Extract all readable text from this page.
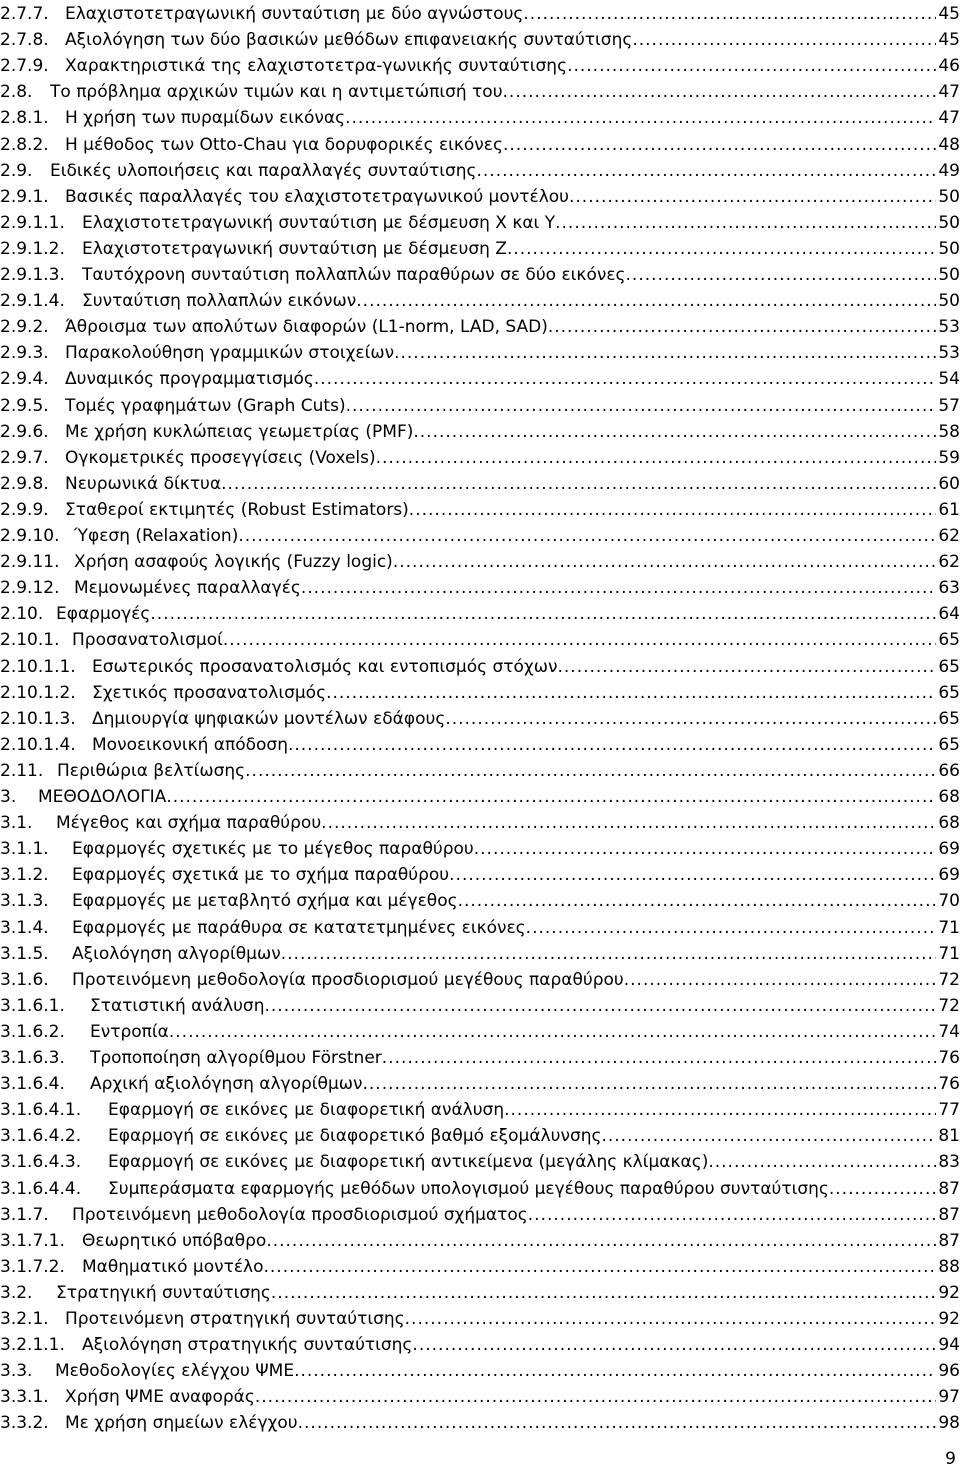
2.7.7. Ελαχιστοτετραγωνική συνταύτιση με δύο αγνώστους .....	45
2.7.8. Αξιολόγηση των δύο βασικών μεθόδων επιφανειακής συνταύτισης .....	45
2.7.9. Χαρακτηριστικά της ελαχιστοτετρα-γωνικής συνταύτισης .....	46
2.8. Το πρόβλημα αρχικών τιμών και η αντιμετώπισή του .....	47
2.8.1. Η χρήση των πυραμίδων εικόνας .....	47
2.8.2. Η μέθοδος των Otto-Chau για δορυφορικές εικόνες .....	48
2.9. Ειδικές υλοποιήσεις και παραλλαγές συνταύτισης .....	49
2.9.1. Βασικές παραλλαγές του ελαχιστοτετραγωνικού μοντέλου .....	50
2.9.1.1. Ελαχιστοτετραγωνική συνταύτιση με δέσμευση X και Y .....	50
2.9.1.2. Ελαχιστοτετραγωνική συνταύτιση με δέσμευση Z .....	50
2.9.1.3. Ταυτόχρονη συνταύτιση πολλαπλών παραθύρων σε δύο εικόνες .....	50
2.9.1.4. Συνταύτιση πολλαπλών εικόνων .....	50
2.9.2. Άθροισμα των απολύτων διαφορών (L1-norm, LAD, SAD) .....	53
2.9.3. Παρακολούθηση γραμμικών στοιχείων .....	53
2.9.4. Δυναμικός προγραμματισμός .....	54
2.9.5. Τομές γραφημάτων (Graph Cuts) .....	57
2.9.6. Με χρήση κυκλώπειας γεωμετρίας (PMF) .....	58
2.9.7. Ογκομετρικές προσεγγίσεις (Voxels) .....	59
2.9.8. Νευρωνικά δίκτυα .....	60
2.9.9. Σταθεροί εκτιμητές (Robust Estimators) .....	61
2.9.10. Ύφεση (Relaxation) .....	62
2.9.11. Χρήση ασαφούς λογικής (Fuzzy logic) .....	62
2.9.12. Μεμονωμένες παραλλαγές .....	63
2.10. Εφαρμογές .....	64
2.10.1. Προσανατολισμοί .....	65
2.10.1.1. Εσωτερικός προσανατολισμός και εντοπισμός στόχων .....	65
2.10.1.2. Σχετικός προσανατολισμός .....	65
2.10.1.3. Δημιουργία ψηφιακών μοντέλων εδάφους .....	65
2.10.1.4. Μονοεικονική απόδοση .....	65
2.11. Περιθώρια βελτίωσης .....	66
3. ΜΕΘΟΔΟΛΟΓΙΑ .....	68
3.1. Μέγεθος και σχήμα παραθύρου .....	68
3.1.1. Εφαρμογές σχετικές με το μέγεθος παραθύρου .....	69
3.1.2. Εφαρμογές σχετικά με το σχήμα παραθύρου .....	69
3.1.3. Εφαρμογές με μεταβλητό σχήμα και μέγεθος .....	70
3.1.4. Εφαρμογές με παράθυρα σε κατατετμημένες εικόνες .....	71
3.1.5. Αξιολόγηση αλγορίθμων .....	71
3.1.6. Προτεινόμενη μεθοδολογία προσδιορισμού μεγέθους παραθύρου .....	72
3.1.6.1. Στατιστική ανάλυση .....	72
3.1.6.2. Εντροπία .....	74
3.1.6.3. Τροποποίηση αλγορίθμου Förstner .....	76
3.1.6.4. Αρχική αξιολόγηση αλγορίθμων .....	76
3.1.6.4.1. Εφαρμογή σε εικόνες με διαφορετική ανάλυση .....	77
3.1.6.4.2. Εφαρμογή σε εικόνες με διαφορετικό βαθμό εξομάλυνσης .....	81
3.1.6.4.3. Εφαρμογή σε εικόνες με διαφορετική αντικείμενα (μεγάλης κλίμακας) .....	83
3.1.6.4.4. Συμπεράσματα εφαρμογής μεθόδων υπολογισμού μεγέθους παραθύρου συνταύτισης .....	87
3.1.7. Προτεινόμενη μεθοδολογία προσδιορισμού σχήματος .....	87
3.1.7.1. Θεωρητικό υπόβαθρο .....	87
3.1.7.2. Μαθηματικό μοντέλο .....	88
3.2. Στρατηγική συνταύτισης .....	92
3.2.1. Προτεινόμενη στρατηγική συνταύτισης .....	92
3.2.1.1. Αξιολόγηση στρατηγικής συνταύτισης .....	94
3.3. Μεθοδολογίες ελέγχου ΨΜΕ .....	96
3.3.1. Χρήση ΨΜΕ αναφοράς .....	97
3.3.2. Με χρήση σημείων ελέγχου .....	98
9
